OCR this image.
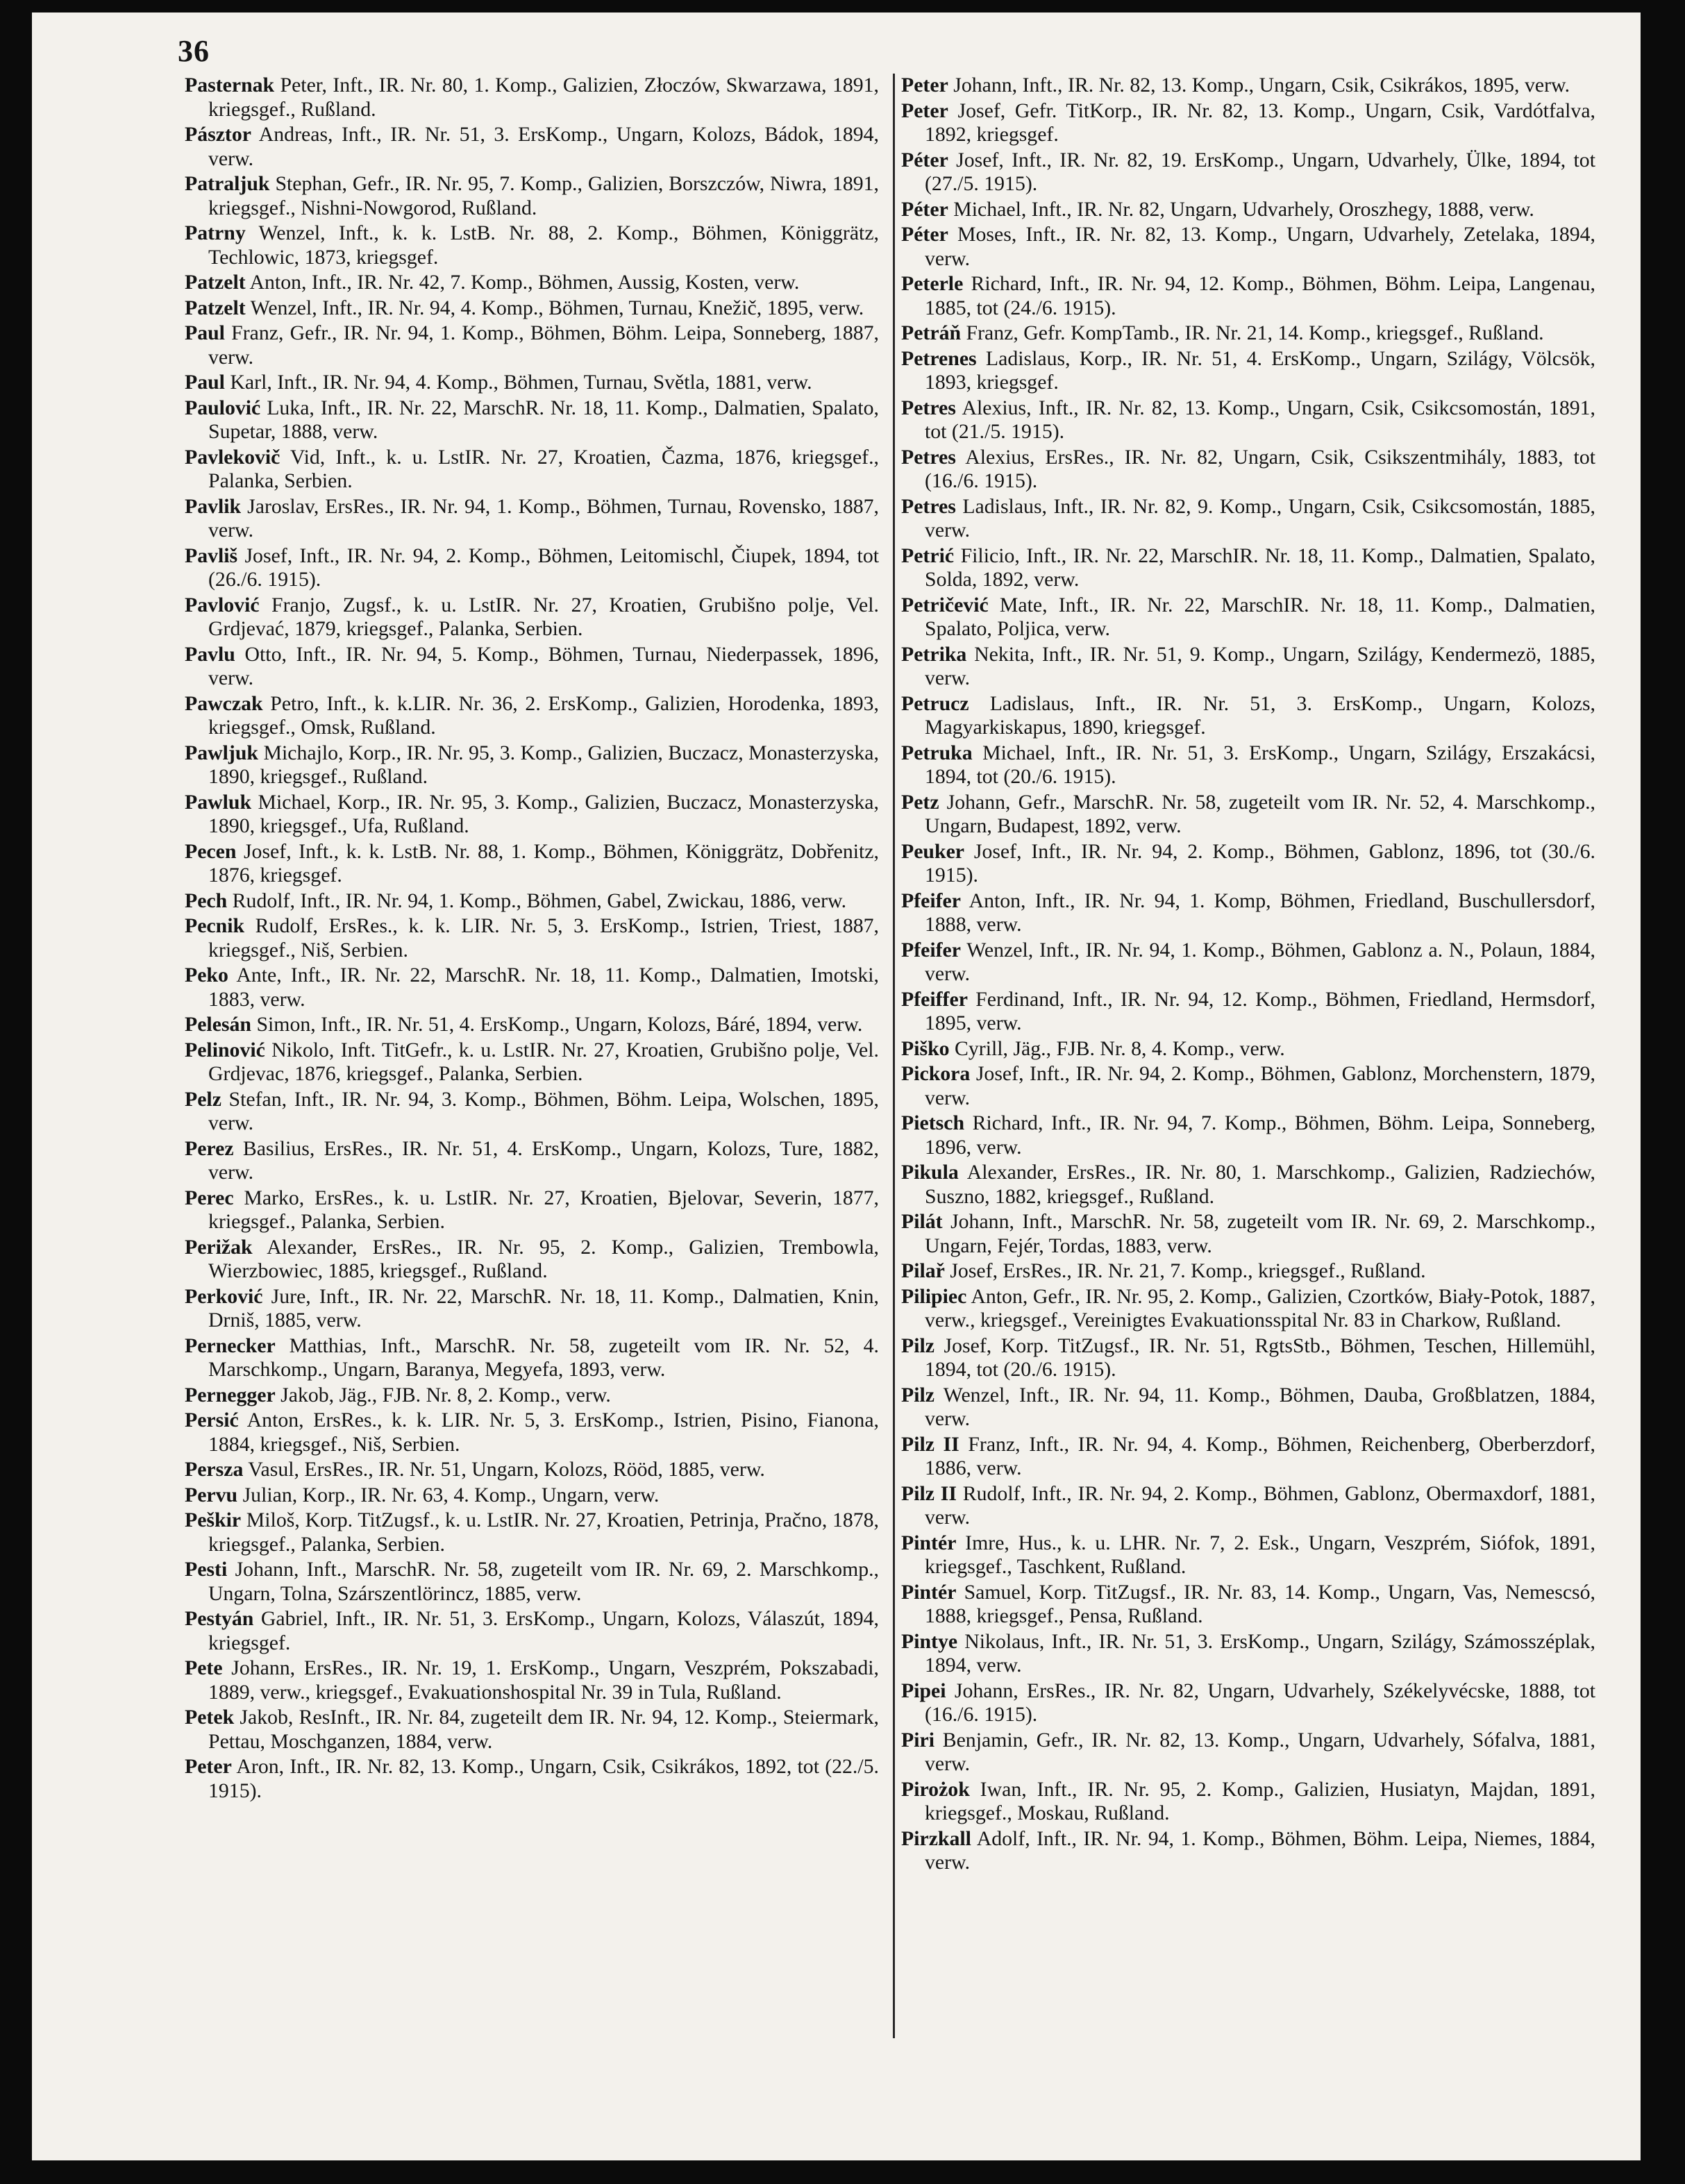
36

Pasternak Peter, Inft., IR. Nr. 80, 1. Komp., Galizien, Złoczów, Skwarzawa, 1891, kriegsgef., Rußland.

Pásztor Andreas, Inft., IR. Nr. 51, 3. ErsKomp., Ungarn, Kolozs, Bádok, 1894, verw.

Patraljuk Stephan, Gefr., IR. Nr. 95, 7. Komp., Galizien, Borszczów, Niwra, 1891, kriegsgef., Nishni-Nowgorod, Rußland.

Patrny Wenzel, Inft., k. k. LstB. Nr. 88, 2. Komp., Böhmen, Königgrätz, Techlowic, 1873, kriegsgef.

Patzelt Anton, Inft., IR. Nr. 42, 7. Komp., Böhmen, Aussig, Kosten, verw.

Patzelt Wenzel, Inft., IR. Nr. 94, 4. Komp., Böhmen, Turnau, Knežič, 1895, verw.

Paul Franz, Gefr., IR. Nr. 94, 1. Komp., Böhmen, Böhm. Leipa, Sonneberg, 1887, verw.

Paul Karl, Inft., IR. Nr. 94, 4. Komp., Böhmen, Turnau, Světla, 1881, verw.

Paulović Luka, Inft., IR. Nr. 22, MarschR. Nr. 18, 11. Komp., Dalmatien, Spalato, Supetar, 1888, verw.

Pavlekovič Vid, Inft., k. u. LstIR. Nr. 27, Kroatien, Čazma, 1876, kriegsgef., Palanka, Serbien.

Pavlik Jaroslav, ErsRes., IR. Nr. 94, 1. Komp., Böhmen, Turnau, Rovensko, 1887, verw.

Pavliš Josef, Inft., IR. Nr. 94, 2. Komp., Böhmen, Leitomischl, Čiupek, 1894, tot (26./6. 1915).

Pavlović Franjo, Zugsf., k. u. LstIR. Nr. 27, Kroatien, Grubišno polje, Vel. Grdjevać, 1879, kriegsgef., Palanka, Serbien.

Pavlu Otto, Inft., IR. Nr. 94, 5. Komp., Böhmen, Turnau, Niederpassek, 1896, verw.

Pawczak Petro, Inft., k. k.LIR. Nr. 36, 2. ErsKomp., Galizien, Horodenka, 1893, kriegsgef., Omsk, Rußland.

Pawljuk Michajlo, Korp., IR. Nr. 95, 3. Komp., Galizien, Buczacz, Monasterzyska, 1890, kriegsgef., Rußland.

Pawluk Michael, Korp., IR. Nr. 95, 3. Komp., Galizien, Buczacz, Monasterzyska, 1890, kriegsgef., Ufa, Rußland.

Pecen Josef, Inft., k. k. LstB. Nr. 88, 1. Komp., Böhmen, Königgrätz, Dobřenitz, 1876, kriegsgef.

Pech Rudolf, Inft., IR. Nr. 94, 1. Komp., Böhmen, Gabel, Zwickau, 1886, verw.

Pecnik Rudolf, ErsRes., k. k. LIR. Nr. 5, 3. ErsKomp., Istrien, Triest, 1887, kriegsgef., Niš, Serbien.

Peko Ante, Inft., IR. Nr. 22, MarschR. Nr. 18, 11. Komp., Dalmatien, Imotski, 1883, verw.

Pelesán Simon, Inft., IR. Nr. 51, 4. ErsKomp., Ungarn, Kolozs, Báré, 1894, verw.

Pelinović Nikolo, Inft. TitGefr., k. u. LstIR. Nr. 27, Kroatien, Grubišno polje, Vel. Grdjevac, 1876, kriegsgef., Palanka, Serbien.

Pelz Stefan, Inft., IR. Nr. 94, 3. Komp., Böhmen, Böhm. Leipa, Wolschen, 1895, verw.

Perez Basilius, ErsRes., IR. Nr. 51, 4. ErsKomp., Ungarn, Kolozs, Ture, 1882, verw.

Perec Marko, ErsRes., k. u. LstIR. Nr. 27, Kroatien, Bjelovar, Severin, 1877, kriegsgef., Palanka, Serbien.

Perižak Alexander, ErsRes., IR. Nr. 95, 2. Komp., Galizien, Trembowla, Wierzbowiec, 1885, kriegsgef., Rußland.

Perković Jure, Inft., IR. Nr. 22, MarschR. Nr. 18, 11. Komp., Dalmatien, Knin, Drniš, 1885, verw.

Pernecker Matthias, Inft., MarschR. Nr. 58, zugeteilt vom IR. Nr. 52, 4. Marschkomp., Ungarn, Baranya, Megyefa, 1893, verw.

Pernegger Jakob, Jäg., FJB. Nr. 8, 2. Komp., verw.

Persić Anton, ErsRes., k. k. LIR. Nr. 5, 3. ErsKomp., Istrien, Pisino, Fianona, 1884, kriegsgef., Niš, Serbien.

Persza Vasul, ErsRes., IR. Nr. 51, Ungarn, Kolozs, Rööd, 1885, verw.

Pervu Julian, Korp., IR. Nr. 63, 4. Komp., Ungarn, verw.

Peškir Miloš, Korp. TitZugsf., k. u. LstIR. Nr. 27, Kroatien, Petrinja, Pračno, 1878, kriegsgef., Palanka, Serbien.

Pesti Johann, Inft., MarschR. Nr. 58, zugeteilt vom IR. Nr. 69, 2. Marschkomp., Ungarn, Tolna, Szárszentlörincz, 1885, verw.

Pestyán Gabriel, Inft., IR. Nr. 51, 3. ErsKomp., Ungarn, Kolozs, Válaszút, 1894, kriegsgef.

Pete Johann, ErsRes., IR. Nr. 19, 1. ErsKomp., Ungarn, Veszprém, Pokszabadi, 1889, verw., kriegsgef., Evakuationshospital Nr. 39 in Tula, Rußland.

Petek Jakob, ResInft., IR. Nr. 84, zugeteilt dem IR. Nr. 94, 12. Komp., Steiermark, Pettau, Moschganzen, 1884, verw.

Peter Aron, Inft., IR. Nr. 82, 13. Komp., Ungarn, Csik, Csikrákos, 1892, tot (22./5. 1915).

Peter Johann, Inft., IR. Nr. 82, 13. Komp., Ungarn, Csik, Csikrákos, 1895, verw.

Peter Josef, Gefr. TitKorp., IR. Nr. 82, 13. Komp., Ungarn, Csik, Vardótfalva, 1892, kriegsgef.

Péter Josef, Inft., IR. Nr. 82, 19. ErsKomp., Ungarn, Udvarhely, Ülke, 1894, tot (27./5. 1915).

Péter Michael, Inft., IR. Nr. 82, Ungarn, Udvarhely, Oroszhegy, 1888, verw.

Péter Moses, Inft., IR. Nr. 82, 13. Komp., Ungarn, Udvarhely, Zetelaka, 1894, verw.

Peterle Richard, Inft., IR. Nr. 94, 12. Komp., Böhmen, Böhm. Leipa, Langenau, 1885, tot (24./6. 1915).

Petráň Franz, Gefr. KompTamb., IR. Nr. 21, 14. Komp., kriegsgef., Rußland.

Petrenes Ladislaus, Korp., IR. Nr. 51, 4. ErsKomp., Ungarn, Szilágy, Völcsök, 1893, kriegsgef.

Petres Alexius, Inft., IR. Nr. 82, 13. Komp., Ungarn, Csik, Csikcsomostán, 1891, tot (21./5. 1915).

Petres Alexius, ErsRes., IR. Nr. 82, Ungarn, Csik, Csikszentmihály, 1883, tot (16./6. 1915).

Petres Ladislaus, Inft., IR. Nr. 82, 9. Komp., Ungarn, Csik, Csikcsomostán, 1885, verw.

Petrić Filicio, Inft., IR. Nr. 22, MarschIR. Nr. 18, 11. Komp., Dalmatien, Spalato, Solda, 1892, verw.

Petričević Mate, Inft., IR. Nr. 22, MarschIR. Nr. 18, 11. Komp., Dalmatien, Spalato, Poljica, verw.

Petrika Nekita, Inft., IR. Nr. 51, 9. Komp., Ungarn, Szilágy, Kendermezö, 1885, verw.

Petrucz Ladislaus, Inft., IR. Nr. 51, 3. ErsKomp., Ungarn, Kolozs, Magyarkiskapus, 1890, kriegsgef.

Petruka Michael, Inft., IR. Nr. 51, 3. ErsKomp., Ungarn, Szilágy, Erszakácsi, 1894, tot (20./6. 1915).

Petz Johann, Gefr., MarschR. Nr. 58, zugeteilt vom IR. Nr. 52, 4. Marschkomp., Ungarn, Budapest, 1892, verw.

Peuker Josef, Inft., IR. Nr. 94, 2. Komp., Böhmen, Gablonz, 1896, tot (30./6. 1915).

Pfeifer Anton, Inft., IR. Nr. 94, 1. Komp, Böhmen, Friedland, Buschullersdorf, 1888, verw.

Pfeifer Wenzel, Inft., IR. Nr. 94, 1. Komp., Böhmen, Gablonz a. N., Polaun, 1884, verw.

Pfeiffer Ferdinand, Inft., IR. Nr. 94, 12. Komp., Böhmen, Friedland, Hermsdorf, 1895, verw.

Piško Cyrill, Jäg., FJB. Nr. 8, 4. Komp., verw.

Pickora Josef, Inft., IR. Nr. 94, 2. Komp., Böhmen, Gablonz, Morchenstern, 1879, verw.

Pietsch Richard, Inft., IR. Nr. 94, 7. Komp., Böhmen, Böhm. Leipa, Sonneberg, 1896, verw.

Pikula Alexander, ErsRes., IR. Nr. 80, 1. Marschkomp., Galizien, Radziechów, Suszno, 1882, kriegsgef., Rußland.

Pilát Johann, Inft., MarschR. Nr. 58, zugeteilt vom IR. Nr. 69, 2. Marschkomp., Ungarn, Fejér, Tordas, 1883, verw.

Pilař Josef, ErsRes., IR. Nr. 21, 7. Komp., kriegsgef., Rußland.

Pilipiec Anton, Gefr., IR. Nr. 95, 2. Komp., Galizien, Czortków, Biały-Potok, 1887, verw., kriegsgef., Vereinigtes Evakuationsspital Nr. 83 in Charkow, Rußland.

Pilz Josef, Korp. TitZugsf., IR. Nr. 51, RgtsStb., Böhmen, Teschen, Hillemühl, 1894, tot (20./6. 1915).

Pilz Wenzel, Inft., IR. Nr. 94, 11. Komp., Böhmen, Dauba, Großblatzen, 1884, verw.

Pilz II Franz, Inft., IR. Nr. 94, 4. Komp., Böhmen, Reichenberg, Oberberzdorf, 1886, verw.

Pilz II Rudolf, Inft., IR. Nr. 94, 2. Komp., Böhmen, Gablonz, Obermaxdorf, 1881, verw.

Pintér Imre, Hus., k. u. LHR. Nr. 7, 2. Esk., Ungarn, Veszprém, Siófok, 1891, kriegsgef., Taschkent, Rußland.

Pintér Samuel, Korp. TitZugsf., IR. Nr. 83, 14. Komp., Ungarn, Vas, Nemescsó, 1888, kriegsgef., Pensa, Rußland.

Pintye Nikolaus, Inft., IR. Nr. 51, 3. ErsKomp., Ungarn, Szilágy, Számosszéplak, 1894, verw.

Pipei Johann, ErsRes., IR. Nr. 82, Ungarn, Udvarhely, Székelyvécske, 1888, tot (16./6. 1915).

Piri Benjamin, Gefr., IR. Nr. 82, 13. Komp., Ungarn, Udvarhely, Sófalva, 1881, verw.

Pirożok Iwan, Inft., IR. Nr. 95, 2. Komp., Galizien, Husiatyn, Majdan, 1891, kriegsgef., Moskau, Rußland.

Pirzkall Adolf, Inft., IR. Nr. 94, 1. Komp., Böhmen, Böhm. Leipa, Niemes, 1884, verw.
